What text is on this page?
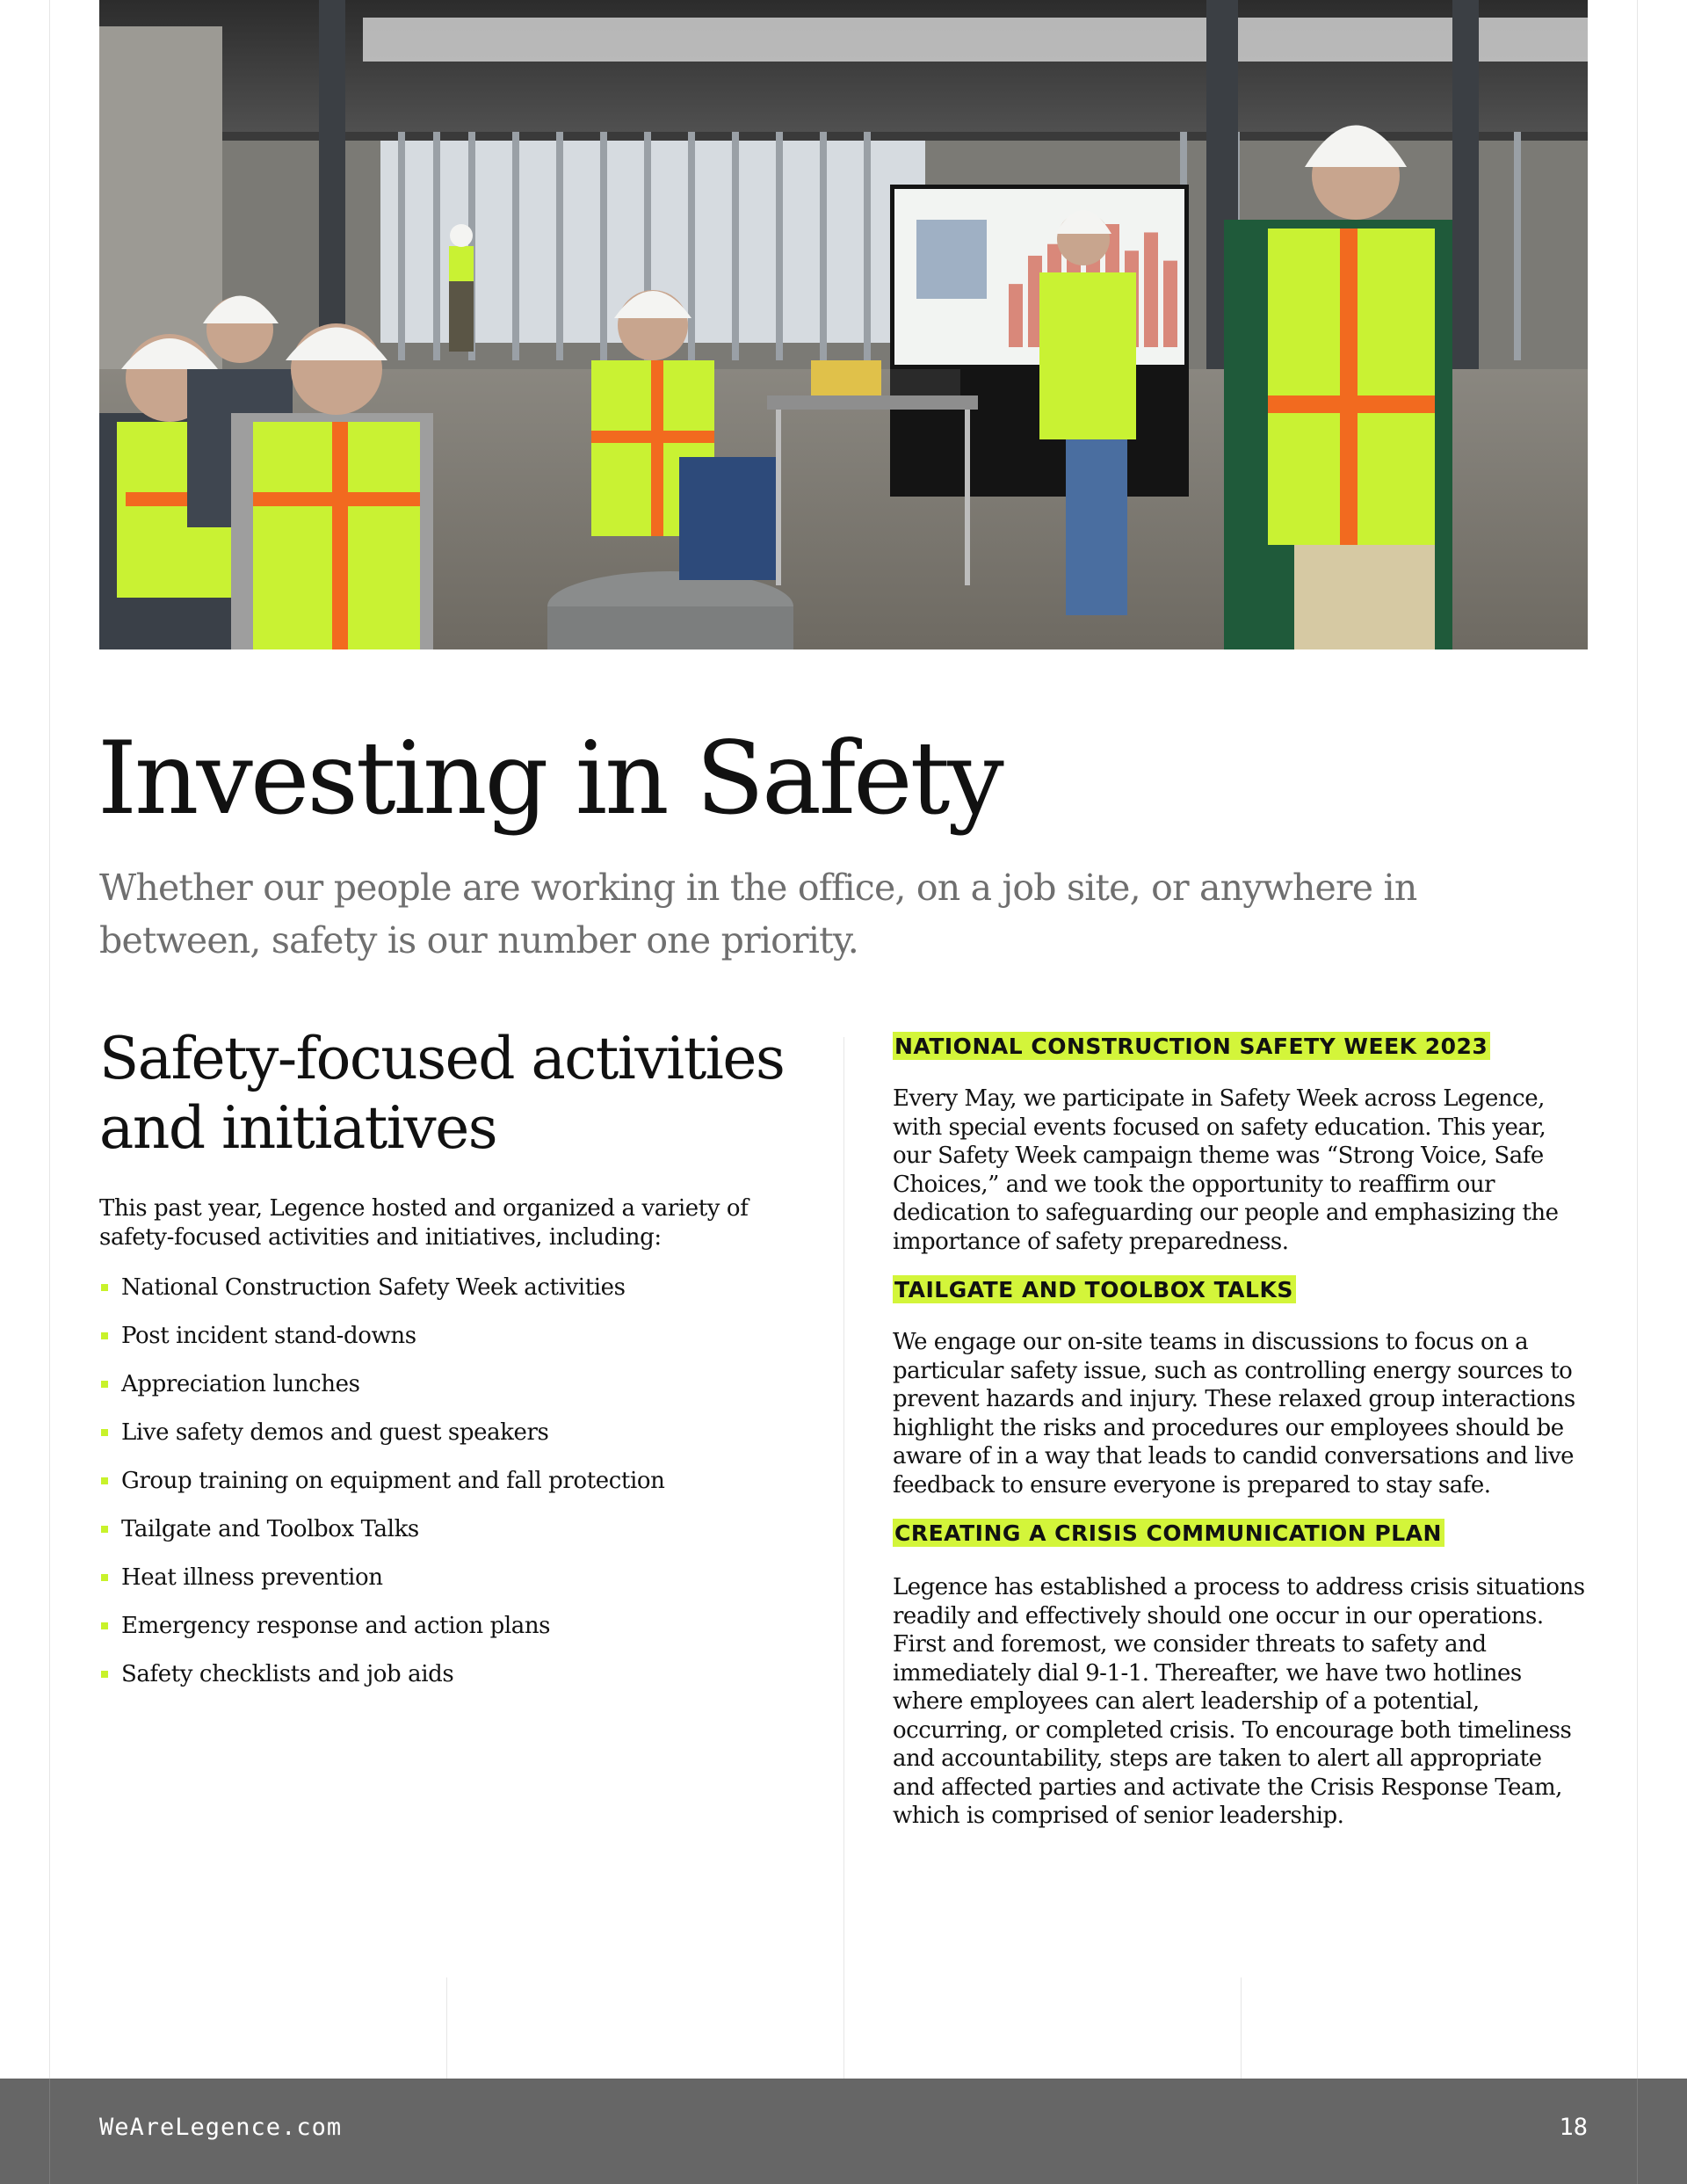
Investing in Safety

Whether our people are working in the office, on a job site, or anywhere in between, safety is our number one priority.

Safety-focused activities and initiatives

This past year, Legence hosted and organized a variety of safety-focused activities and initiatives, including:

National Construction Safety Week activities
Post incident stand-downs
Appreciation lunches
Live safety demos and guest speakers
Group training on equipment and fall protection
Tailgate and Toolbox Talks
Heat illness prevention
Emergency response and action plans
Safety checklists and job aids
NATIONAL CONSTRUCTION SAFETY WEEK 2023

Every May, we participate in Safety Week across Legence, with special events focused on safety education. This year, our Safety Week campaign theme was “Strong Voice, Safe Choices,” and we took the opportunity to reaffirm our dedication to safeguarding our people and emphasizing the importance of safety preparedness.

TAILGATE AND TOOLBOX TALKS

We engage our on-site teams in discussions to focus on a particular safety issue, such as controlling energy sources to prevent hazards and injury. These relaxed group interactions highlight the risks and procedures our employees should be aware of in a way that leads to candid conversations and live feedback to ensure everyone is prepared to stay safe.

CREATING A CRISIS COMMUNICATION PLAN

Legence has established a process to address crisis situations readily and effectively should one occur in our operations. First and foremost, we consider threats to safety and immediately dial 9-1-1. Thereafter, we have two hotlines where employees can alert leadership of a potential, occurring, or completed crisis. To encourage both timeliness and accountability, steps are taken to alert all appropriate and affected parties and activate the Crisis Response Team, which is comprised of senior leadership.

WeAreLegence.com	18
